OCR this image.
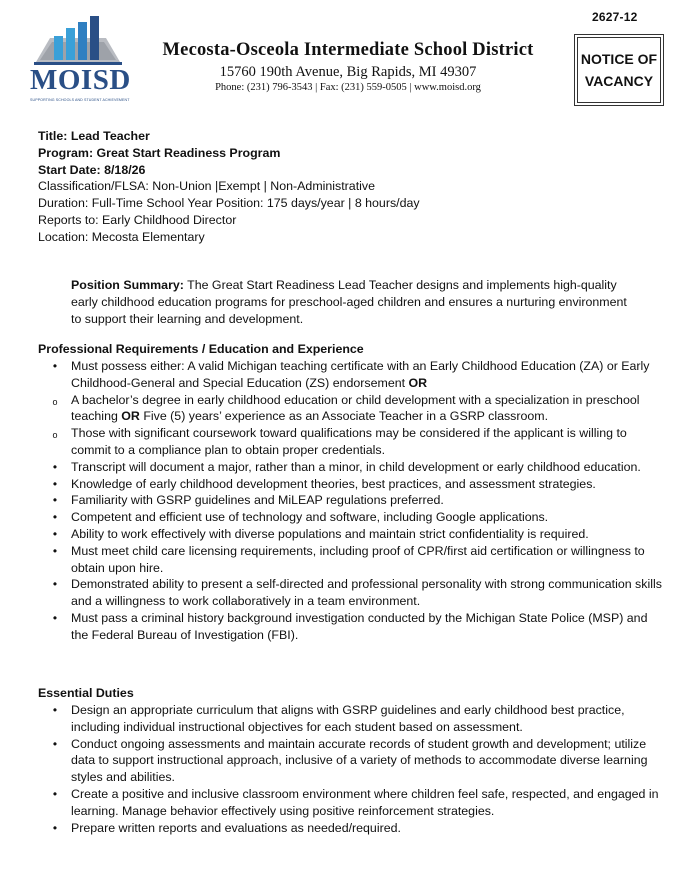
2627-12
MOISD
SUPPORTING SCHOOLS AND STUDENT ACHIEVEMENT
Mecosta-Osceola Intermediate School District
15760 190th Avenue, Big Rapids, MI 49307
Phone: (231) 796-3543 | Fax: (231) 559-0505 | www.moisd.org
NOTICE OF
VACANCY
Title: Lead Teacher
Program: Great Start Readiness Program
Start Date: 8/18/26
Classification/FLSA: Non-Union |Exempt | Non-Administrative
Duration: Full-Time School Year Position: 175 days/year | 8 hours/day
Reports to: Early Childhood Director
Location: Mecosta Elementary
Position Summary: The Great Start Readiness Lead Teacher designs and implements high-quality early childhood education programs for preschool-aged children and ensures a nurturing environment to support their learning and development.
Professional Requirements / Education and Experience
•	Must possess either: A valid Michigan teaching certificate with an Early Childhood Education (ZA) or Early Childhood-General and Special Education (ZS) endorsement OR
o A bachelor’s degree in early childhood education or child development with a specialization in preschool teaching OR Five (5) years’ experience as an Associate Teacher in a GSRP classroom.
o Those with significant coursework toward qualifications may be considered if the applicant is willing to commit to a compliance plan to obtain proper credentials.
•	Transcript will document a major, rather than a minor, in child development or early childhood education.
•	Knowledge of early childhood development theories, best practices, and assessment strategies.
•	Familiarity with GSRP guidelines and MiLEAP regulations preferred.
•	Competent and efficient use of technology and software, including Google applications.
•	Ability to work effectively with diverse populations and maintain strict confidentiality is required.
•	Must meet child care licensing requirements, including proof of CPR/first aid certification or willingness to obtain upon hire.
•	Demonstrated ability to present a self-directed and professional personality with strong communication skills and a willingness to work collaboratively in a team environment.
•	Must pass a criminal history background investigation conducted by the Michigan State Police (MSP) and the Federal Bureau of Investigation (FBI).
Essential Duties
•	Design an appropriate curriculum that aligns with GSRP guidelines and early childhood best practice, including individual instructional objectives for each student based on assessment.
•	Conduct ongoing assessments and maintain accurate records of student growth and development; utilize data to support instructional approach, inclusive of a variety of methods to accommodate diverse learning styles and abilities.
•	Create a positive and inclusive classroom environment where children feel safe, respected, and engaged in learning. Manage behavior effectively using positive reinforcement strategies.
•	Prepare written reports and evaluations as needed/required.
